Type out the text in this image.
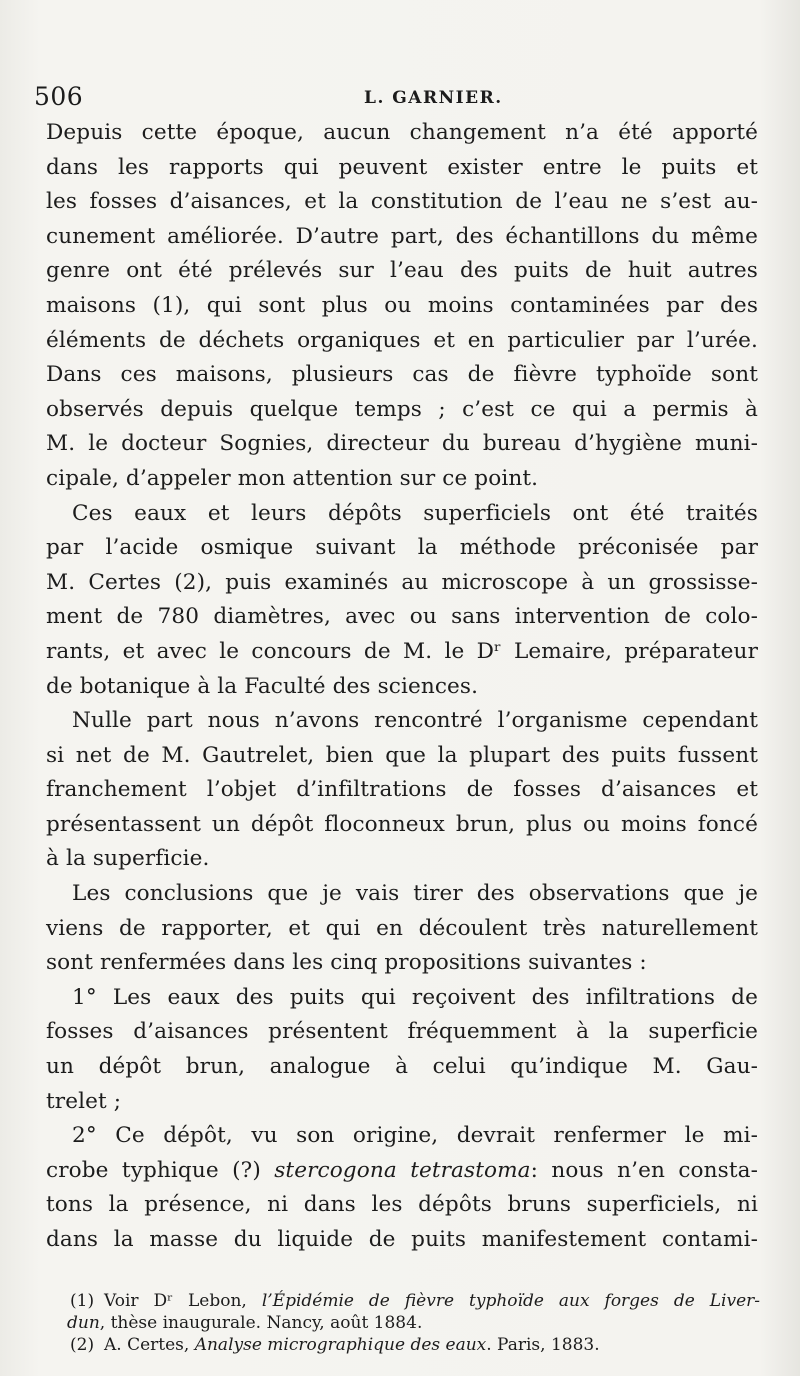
506	L. GARNIER.

Depuis cette époque, aucun changement n’a été apporté

dans les rapports qui peuvent exister entre le puits et

les fosses d’aisances, et la constitution de l’eau ne s’est au-

cunement améliorée. D’autre part, des échantillons du même

genre ont été prélevés sur l’eau des puits de huit autres

maisons (1), qui sont plus ou moins contaminées par des

éléments de déchets organiques et en particulier par l’urée.

Dans ces maisons, plusieurs cas de fièvre typhoïde sont

observés depuis quelque temps ; c’est ce qui a permis à

M. le docteur Sognies, directeur du bureau d’hygiène muni-

cipale, d’appeler mon attention sur ce point.

Ces eaux et leurs dépôts superficiels ont été traités

par l’acide osmique suivant la méthode préconisée par

M. Certes (2), puis examinés au microscope à un grossisse-

ment de 780 diamètres, avec ou sans intervention de colo-

rants, et avec le concours de M. le Dʳ Lemaire, préparateur

de botanique à la Faculté des sciences.

Nulle part nous n’avons rencontré l’organisme cependant

si net de M. Gautrelet, bien que la plupart des puits fussent

franchement l’objet d’infiltrations de fosses d’aisances et

présentassent un dépôt floconneux brun, plus ou moins foncé

à la superficie.

Les conclusions que je vais tirer des observations que je

viens de rapporter, et qui en découlent très naturellement

sont renfermées dans les cinq propositions suivantes :

1° Les eaux des puits qui reçoivent des infiltrations de

fosses d’aisances présentent fréquemment à la superficie

un dépôt brun, analogue à celui qu’indique M. Gau-

trelet ;

2° Ce dépôt, vu son origine, devrait renfermer le mi-

crobe typhique (?) stercogona tetrastoma: nous n’en consta-

tons la présence, ni dans les dépôts bruns superficiels, ni

dans la masse du liquide de puits manifestement contami-

(1) Voir Dʳ Lebon, l’Épidémie de fièvre typhoïde aux forges de Liver-

dun, thèse inaugurale. Nancy, août 1884.

(2) A. Certes, Analyse micrographique des eaux. Paris, 1883.
